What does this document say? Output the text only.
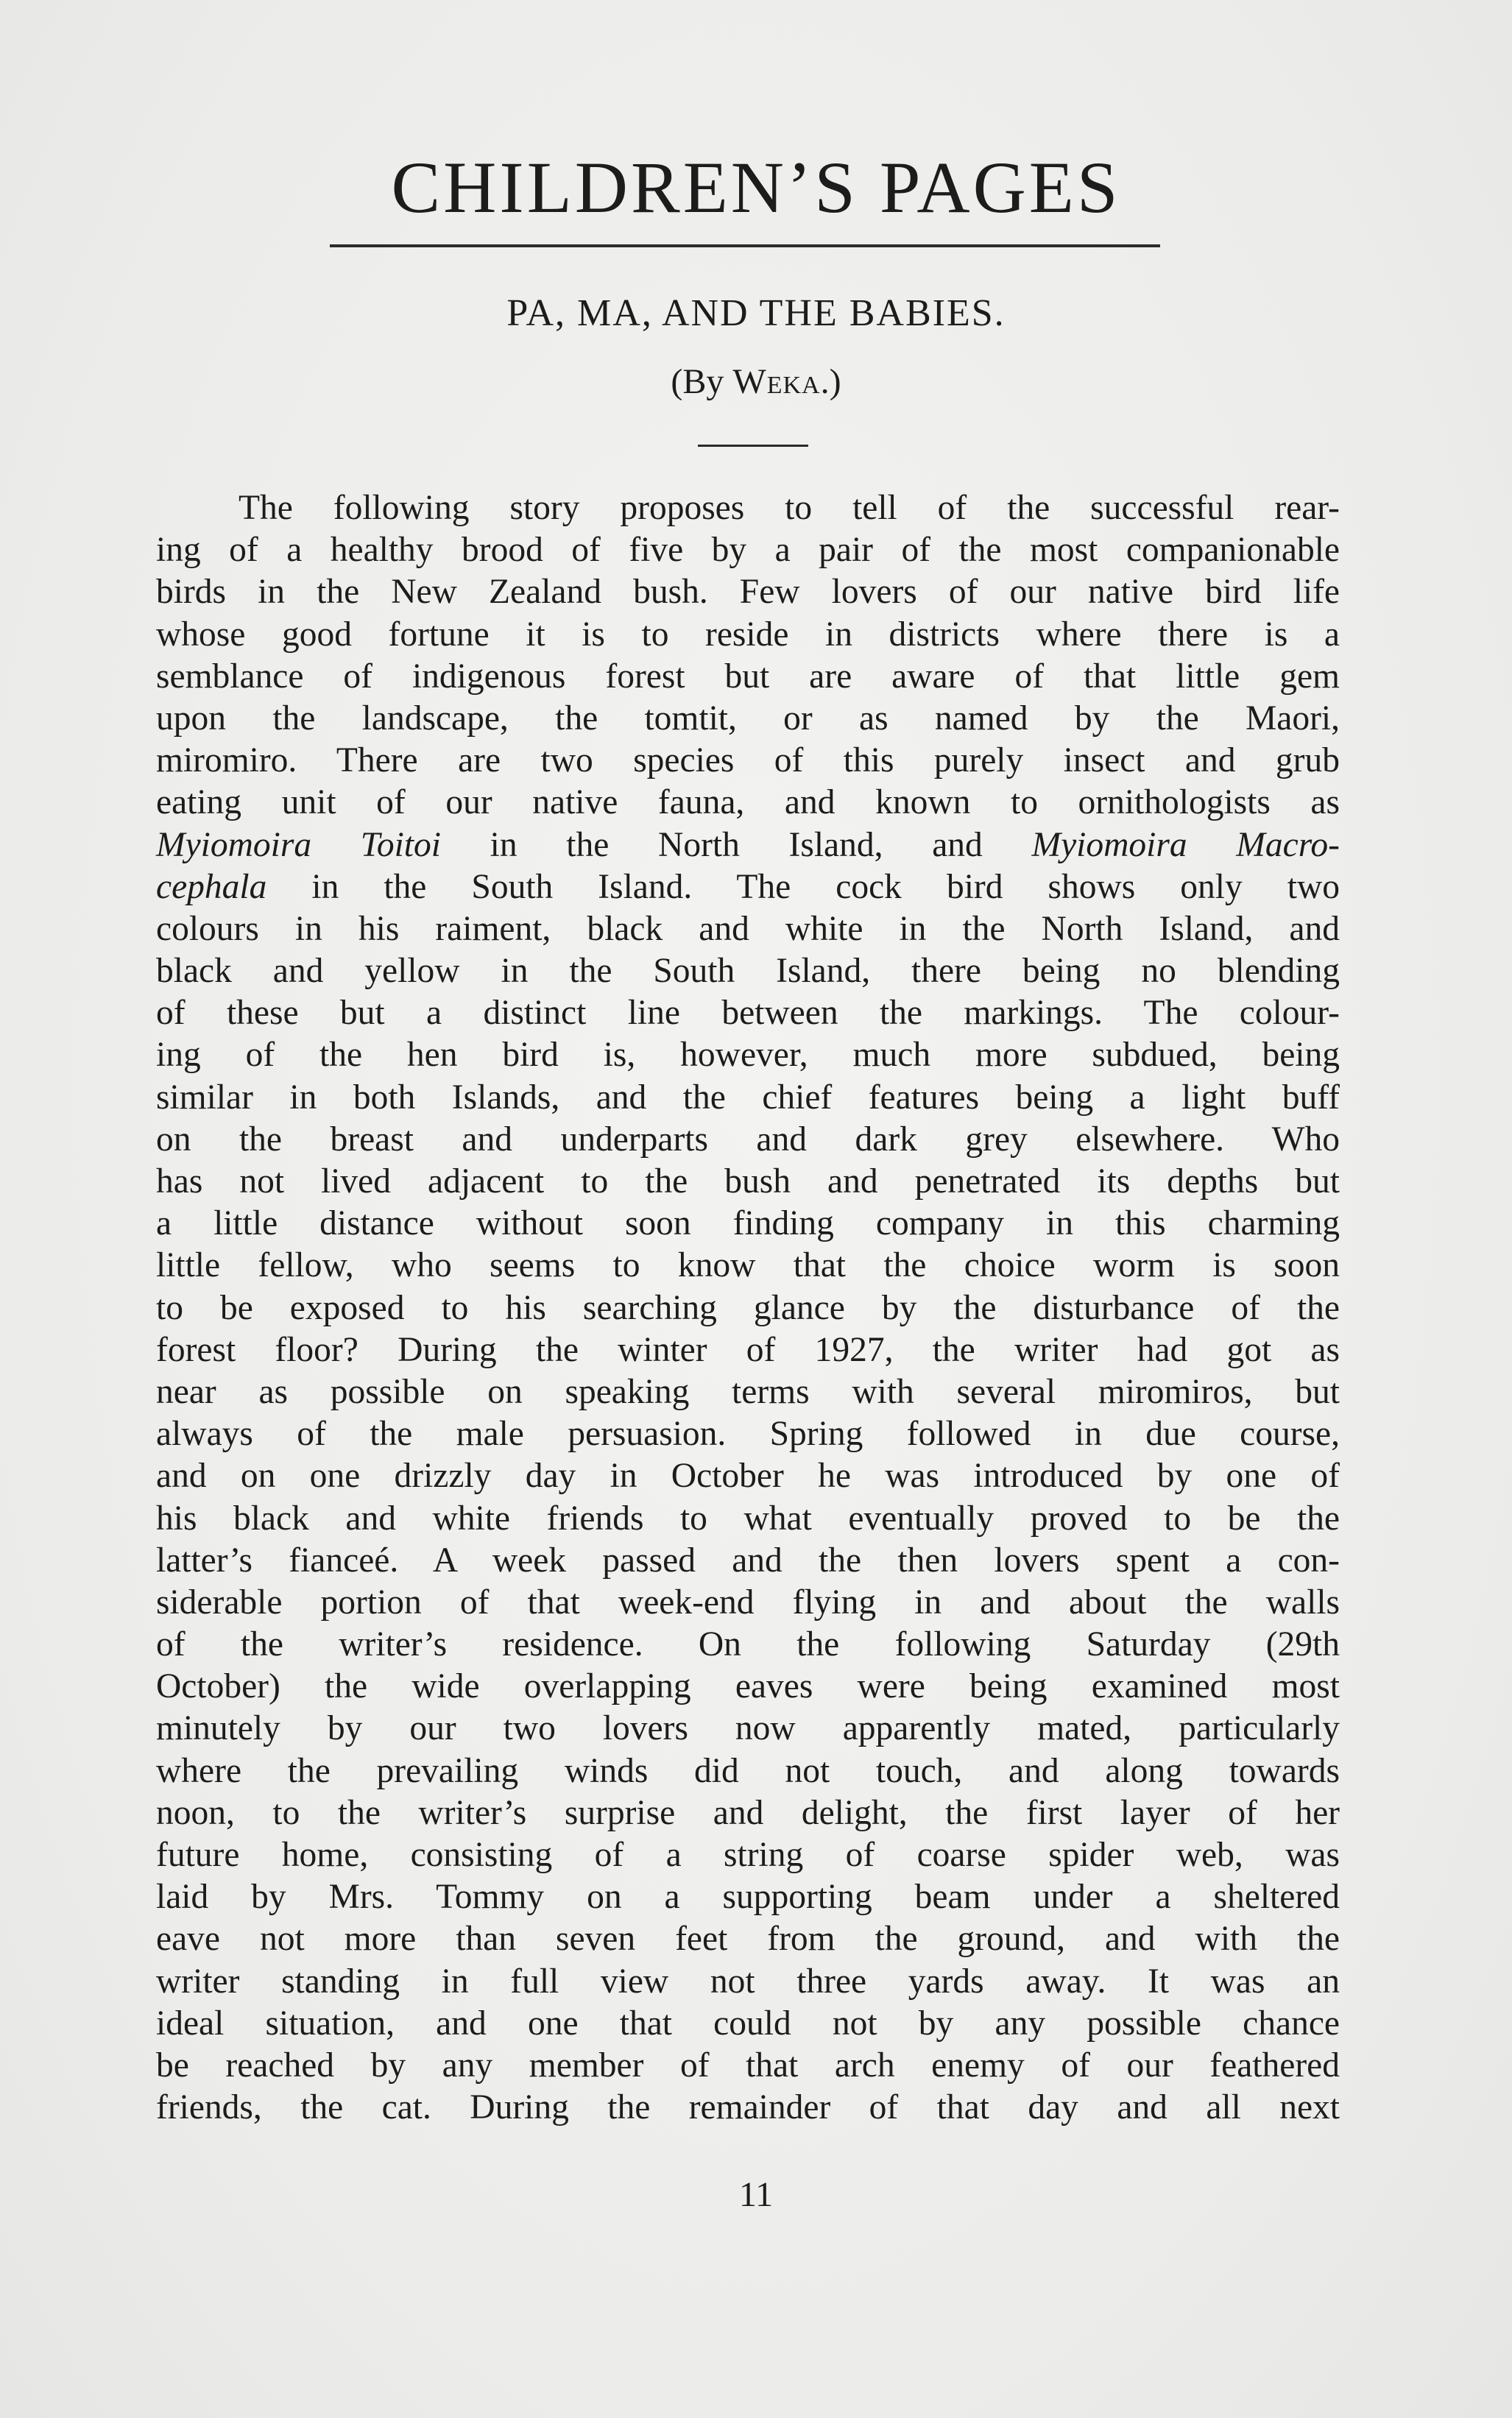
CHILDREN’S PAGES
PA, MA, AND THE BABIES.

(By Weka.)

The following story proposes to tell of the successful rear-
ing of a healthy brood of five by a pair of the most companionable
birds in the New Zealand bush. Few lovers of our native bird life
whose good fortune it is to reside in districts where there is a
semblance of indigenous forest but are aware of that little gem
upon the landscape, the tomtit, or as named by the Maori,
miromiro. There are two species of this purely insect and grub
eating unit of our native fauna, and known to ornithologists as
Myiomoira Toitoi in the North Island, and Myiomoira Macro-
cephala in the South Island. The cock bird shows only two
colours in his raiment, black and white in the North Island, and
black and yellow in the South Island, there being no blending
of these but a distinct line between the markings. The colour-
ing of the hen bird is, however, much more subdued, being
similar in both Islands, and the chief features being a light buff
on the breast and underparts and dark grey elsewhere. Who
has not lived adjacent to the bush and penetrated its depths but
a little distance without soon finding company in this charming
little fellow, who seems to know that the choice worm is soon
to be exposed to his searching glance by the disturbance of the
forest floor? During the winter of 1927, the writer had got as
near as possible on speaking terms with several miromiros, but
always of the male persuasion. Spring followed in due course,
and on one drizzly day in October he was introduced by one of
his black and white friends to what eventually proved to be the
latter’s fianceé. A week passed and the then lovers spent a con-
siderable portion of that week-end flying in and about the walls
of the writer’s residence. On the following Saturday (29th
October) the wide overlapping eaves were being examined most
minutely by our two lovers now apparently mated, particularly
where the prevailing winds did not touch, and along towards
noon, to the writer’s surprise and delight, the first layer of her
future home, consisting of a string of coarse spider web, was
laid by Mrs. Tommy on a supporting beam under a sheltered
eave not more than seven feet from the ground, and with the
writer standing in full view not three yards away. It was an
ideal situation, and one that could not by any possible chance
be reached by any member of that arch enemy of our feathered
friends, the cat. During the remainder of that day and all next

11
